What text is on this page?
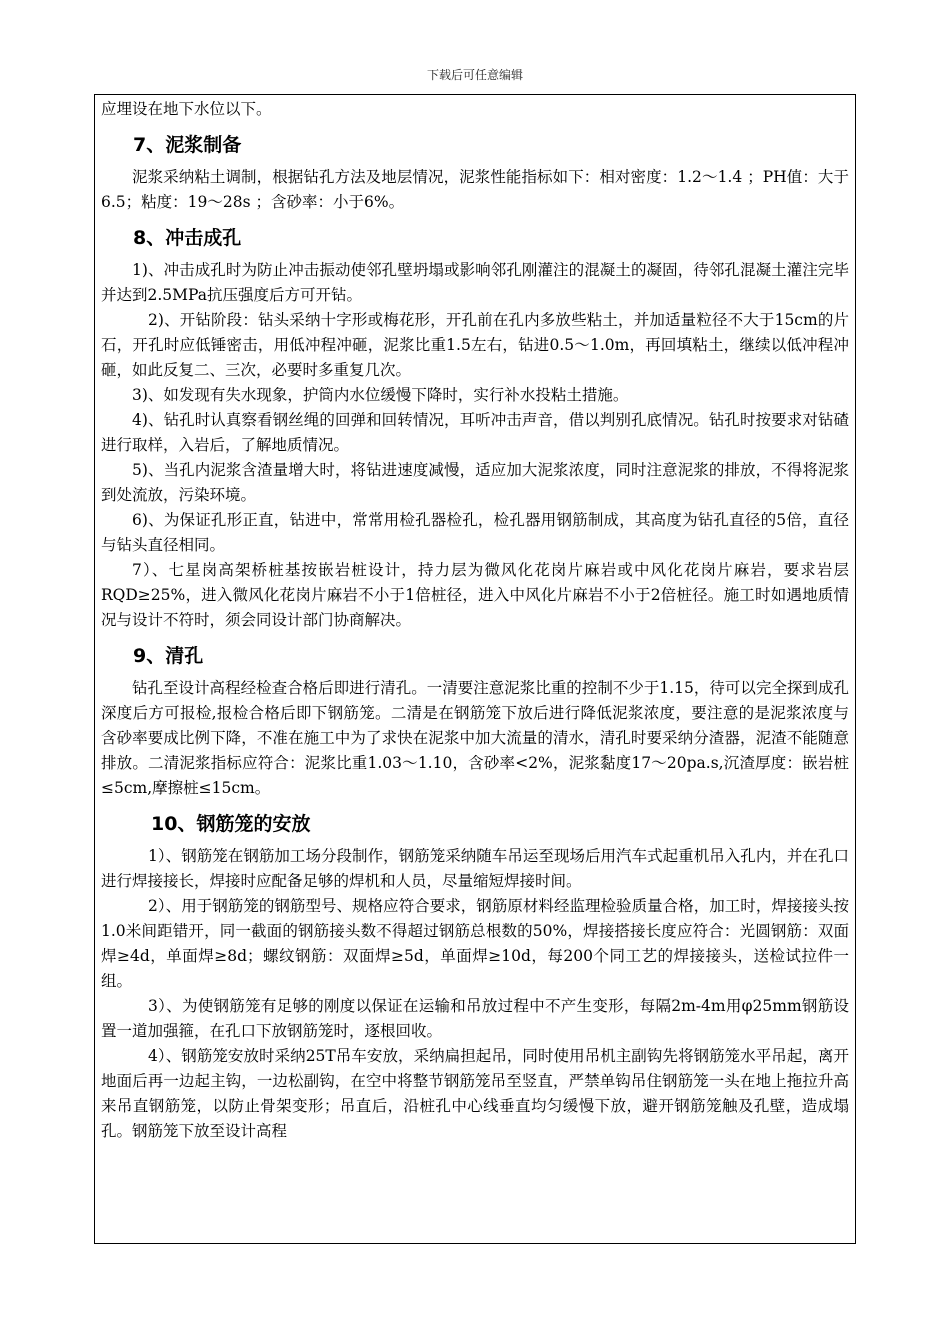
下载后可任意编辑

应埋设在地下水位以下。

7、泥浆制备

泥浆采纳粘土调制，根据钻孔方法及地层情况，泥浆性能指标如下：相对密度：1.2～1.4 ；PH值：大于6.5；粘度：19～28s ；含砂率：小于6%。

8、冲击成孔

1)、冲击成孔时为防止冲击振动使邻孔壁坍塌或影响邻孔刚灌注的混凝土的凝固，待邻孔混凝土灌注完毕并达到2.5MPa抗压强度后方可开钻。

2)、开钻阶段：钻头采纳十字形或梅花形，开孔前在孔内多放些粘土，并加适量粒径不大于15cm的片石，开孔时应低锤密击，用低冲程冲砸，泥浆比重1.5左右，钻进0.5～1.0m，再回填粘土，继续以低冲程冲砸，如此反复二、三次，必要时多重复几次。

3)、如发现有失水现象，护筒内水位缓慢下降时，实行补水投粘土措施。

4)、钻孔时认真察看钢丝绳的回弹和回转情况，耳听冲击声音，借以判别孔底情况。钻孔时按要求对钻碴进行取样，入岩后，了解地质情况。

5)、当孔内泥浆含渣量增大时，将钻进速度减慢，适应加大泥浆浓度，同时注意泥浆的排放，不得将泥浆到处流放，污染环境。

6)、为保证孔形正直，钻进中，常常用检孔器检孔，检孔器用钢筋制成，其高度为钻孔直径的5倍，直径与钻头直径相同。

7）、七星岗高架桥桩基按嵌岩桩设计，持力层为微风化花岗片麻岩或中风化花岗片麻岩，要求岩层RQD≥25%，进入微风化花岗片麻岩不小于1倍桩径，进入中风化片麻岩不小于2倍桩径。施工时如遇地质情况与设计不符时，须会同设计部门协商解决。

9、清孔

钻孔至设计高程经检查合格后即进行清孔。一清要注意泥浆比重的控制不少于1.15，待可以完全探到成孔深度后方可报检,报检合格后即下钢筋笼。二清是在钢筋笼下放后进行降低泥浆浓度，要注意的是泥浆浓度与含砂率要成比例下降，不准在施工中为了求快在泥浆中加大流量的清水，清孔时要采纳分渣器，泥渣不能随意排放。二清泥浆指标应符合：泥浆比重1.03～1.10，含砂率<2%，泥浆黏度17～20pa.s,沉渣厚度：嵌岩桩≤5cm,摩擦桩≤15cm。

10、钢筋笼的安放

1）、钢筋笼在钢筋加工场分段制作，钢筋笼采纳随车吊运至现场后用汽车式起重机吊入孔内，并在孔口进行焊接接长，焊接时应配备足够的焊机和人员，尽量缩短焊接时间。

2）、用于钢筋笼的钢筋型号、规格应符合要求，钢筋原材料经监理检验质量合格，加工时，焊接接头按1.0米间距错开，同一截面的钢筋接头数不得超过钢筋总根数的50%，焊接搭接长度应符合：光圆钢筋：双面焊≥4d，单面焊≥8d；螺纹钢筋：双面焊≥5d，单面焊≥10d，每200个同工艺的焊接接头，送检试拉件一组。

3）、为使钢筋笼有足够的刚度以保证在运输和吊放过程中不产生变形，每隔2m-4m用φ25mm钢筋设置一道加强箍，在孔口下放钢筋笼时，逐根回收。

4）、钢筋笼安放时采纳25T吊车安放，采纳扁担起吊，同时使用吊机主副钩先将钢筋笼水平吊起，离开地面后再一边起主钩，一边松副钩，在空中将整节钢筋笼吊至竖直，严禁单钩吊住钢筋笼一头在地上拖拉升高来吊直钢筋笼，以防止骨架变形；吊直后，沿桩孔中心线垂直均匀缓慢下放，避开钢筋笼触及孔壁，造成塌孔。钢筋笼下放至设计高程
